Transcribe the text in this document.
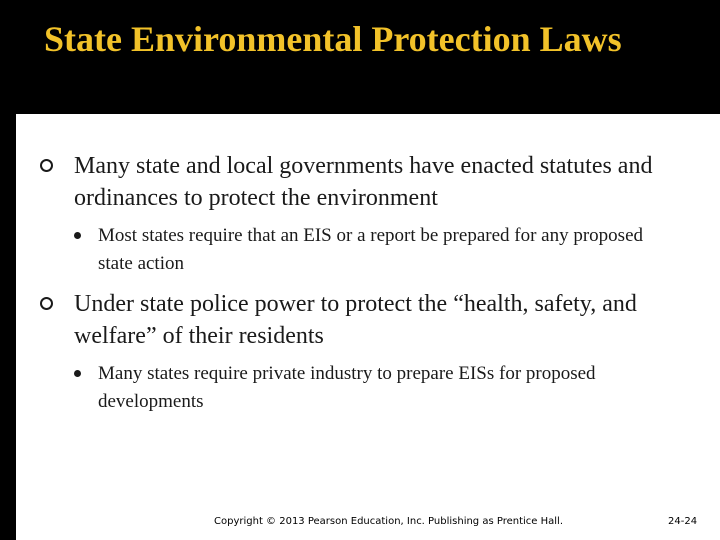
State Environmental Protection Laws
Many state and local governments have enacted statutes and ordinances to protect the environment
Most states require that an EIS or a report be prepared for any proposed state action
Under state police power to protect the “health, safety, and welfare” of their residents
Many states require private industry to prepare EISs for proposed developments
Copyright © 2013 Pearson Education, Inc. Publishing as Prentice Hall.	24-24
